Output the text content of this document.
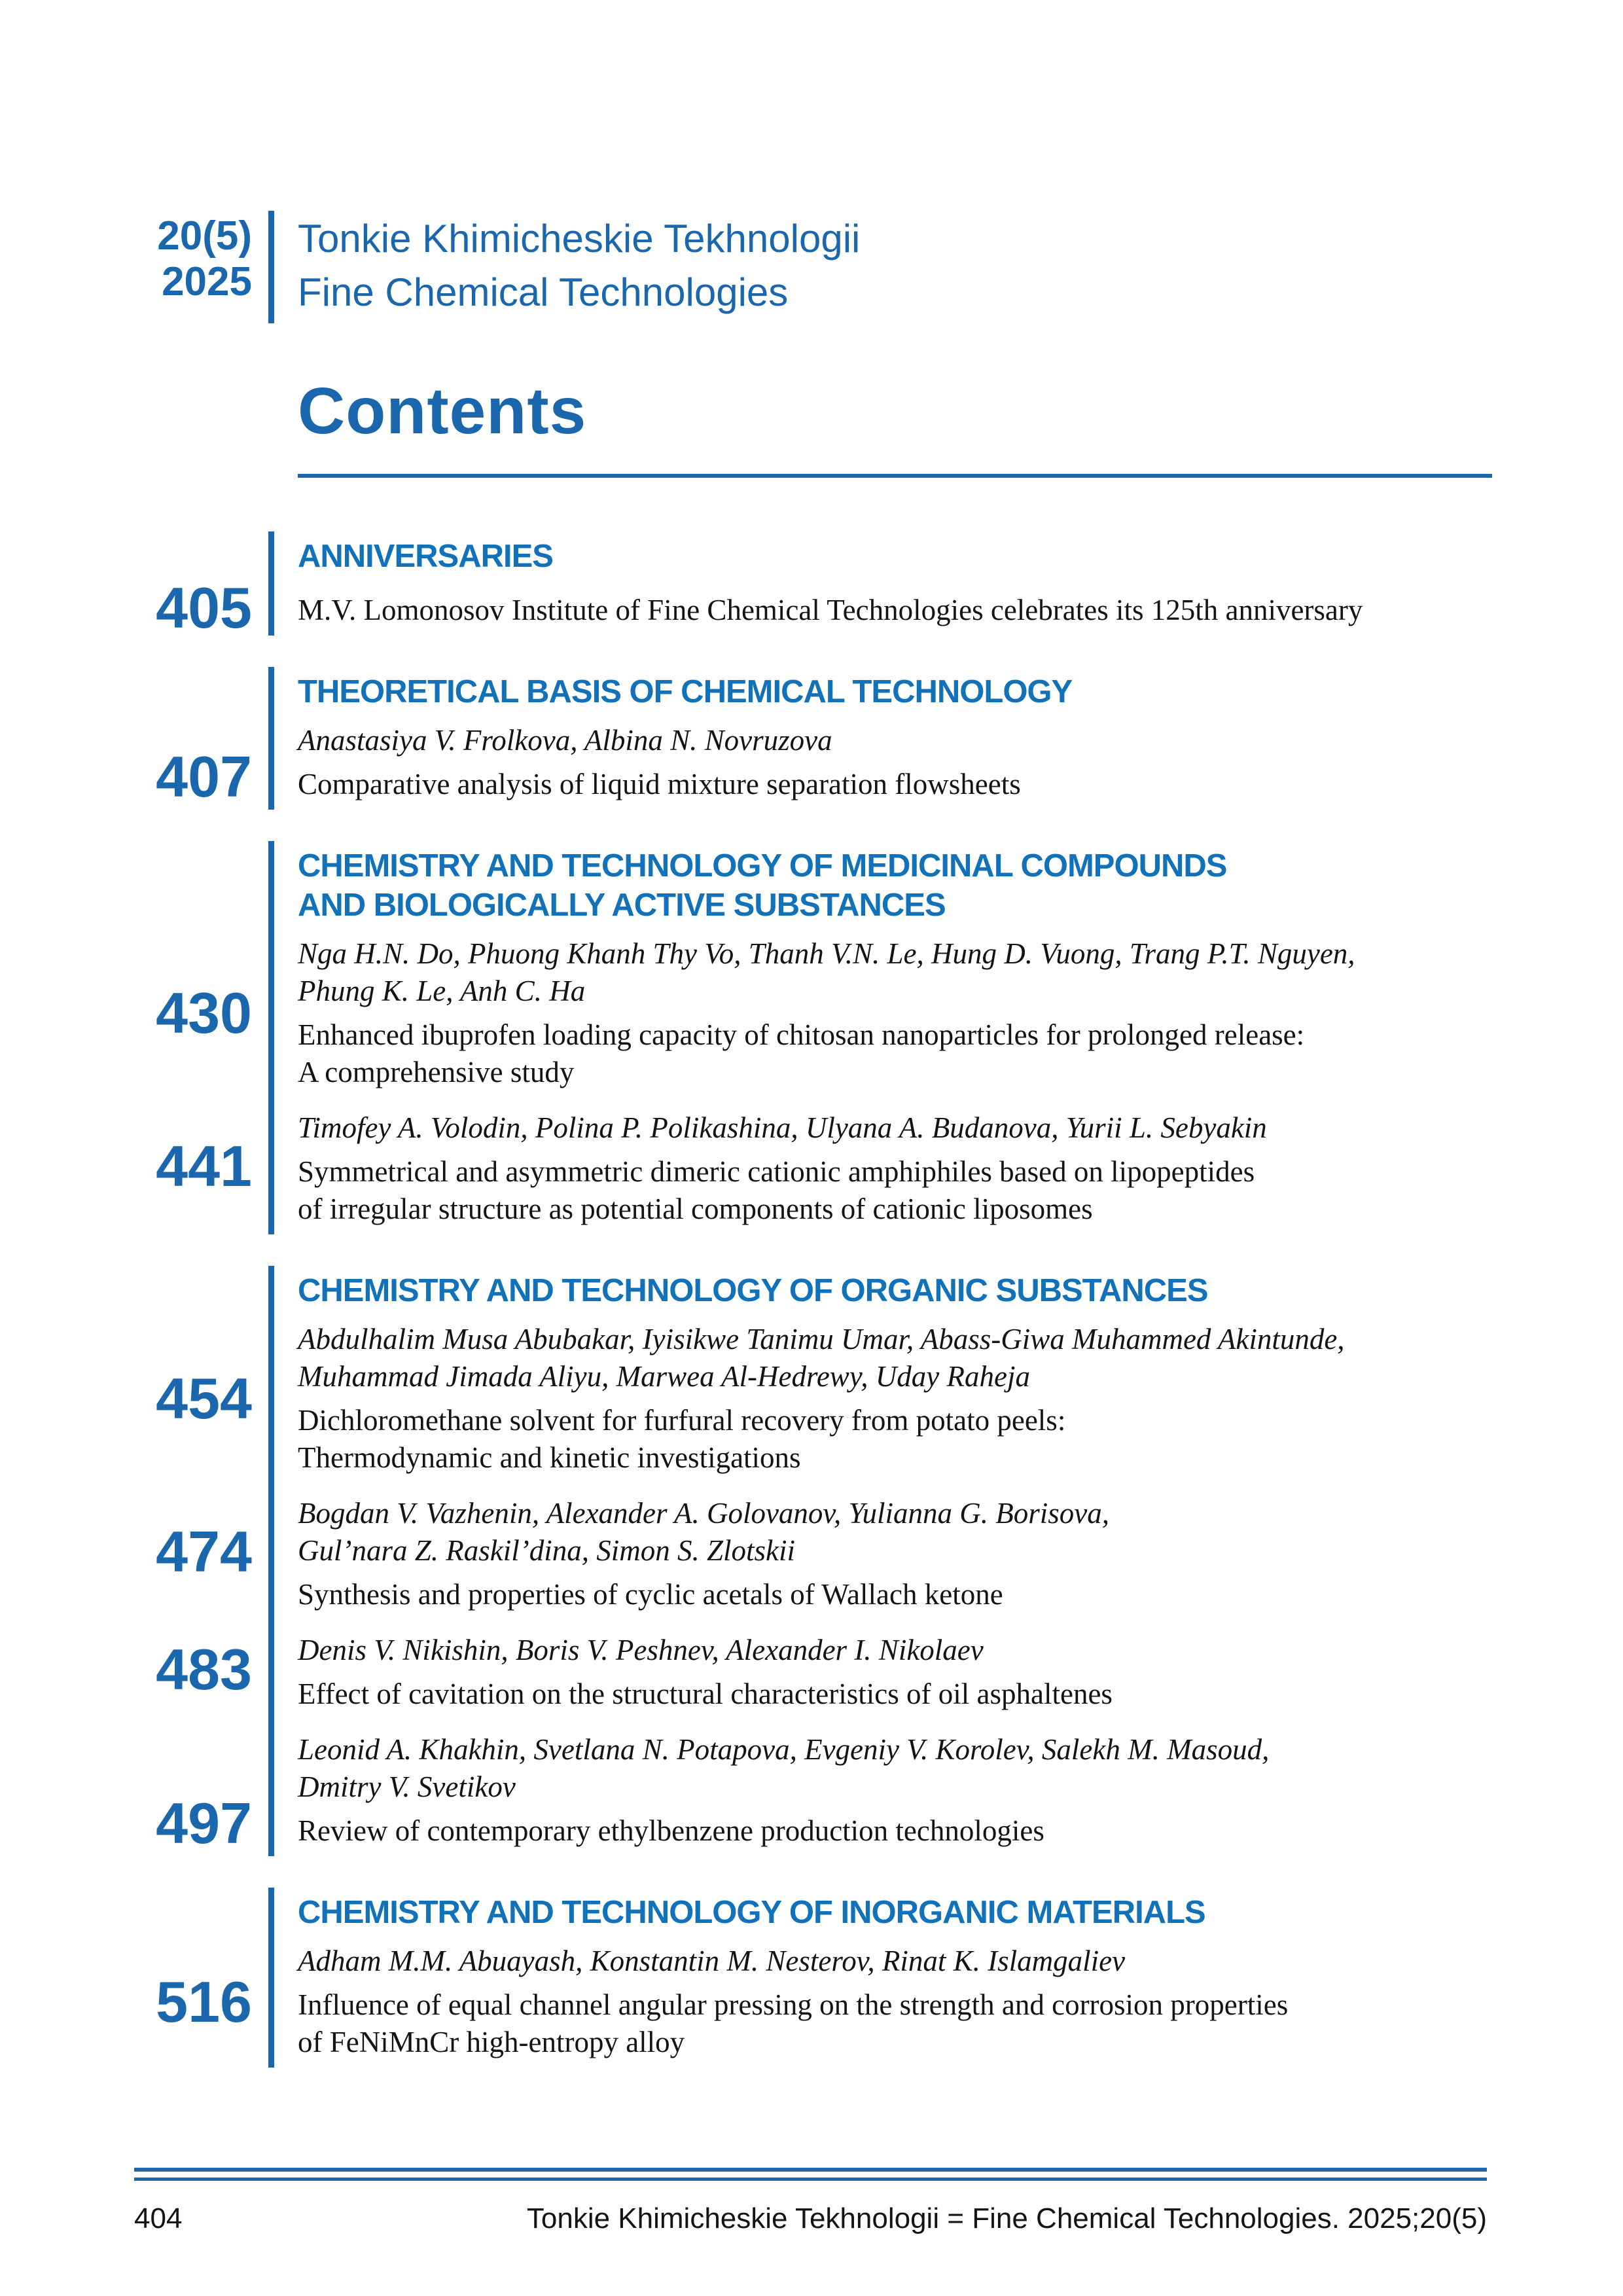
20(5)
2025
Tonkie Khimicheskie Tekhnologii
Fine Chemical Technologies
Contents
ANNIVERSARIES
405 M.V. Lomonosov Institute of Fine Chemical Technologies celebrates its 125th anniversary
THEORETICAL BASIS OF CHEMICAL TECHNOLOGY
407
Anastasiya V. Frolkova, Albina N. Novruzova
Comparative analysis of liquid mixture separation flowsheets
CHEMISTRY AND TECHNOLOGY OF MEDICINAL COMPOUNDS
AND BIOLOGICALLY ACTIVE SUBSTANCES
430
Nga H.N. Do, Phuong Khanh Thy Vo, Thanh V.N. Le, Hung D. Vuong, Trang P.T. Nguyen,
Phung K. Le, Anh C. Ha
Enhanced ibuprofen loading capacity of chitosan nanoparticles for prolonged release:
A comprehensive study
441
Timofey A. Volodin, Polina P. Polikashina, Ulyana A. Budanova, Yurii L. Sebyakin
Symmetrical and asymmetric dimeric cationic amphiphiles based on lipopeptides
of irregular structure as potential components of cationic liposomes
CHEMISTRY AND TECHNOLOGY OF ORGANIC SUBSTANCES
454
Abdulhalim Musa Abubakar, Iyisikwe Tanimu Umar, Abass-Giwa Muhammed Akintunde,
Muhammad Jimada Aliyu, Marwea Al-Hedrewy, Uday Raheja
Dichloromethane solvent for furfural recovery from potato peels:
Thermodynamic and kinetic investigations
474
Bogdan V. Vazhenin, Alexander A. Golovanov, Yulianna G. Borisova,
Gul’nara Z. Raskil’dina, Simon S. Zlotskii
Synthesis and properties of cyclic acetals of Wallach ketone
483 Denis V. Nikishin, Boris V. Peshnev, Alexander I. Nikolaev
Effect of cavitation on the structural characteristics of oil asphaltenes
497
Leonid A. Khakhin, Svetlana N. Potapova, Evgeniy V. Korolev, Salekh M. Masoud,
Dmitry V. Svetikov
Review of contemporary ethylbenzene production technologies
CHEMISTRY AND TECHNOLOGY OF INORGANIC MATERIALS
516
Adham M.M. Abuayash, Konstantin M. Nesterov, Rinat K. Islamgaliev
Influence of equal channel angular pressing on the strength and corrosion properties
of FeNiMnCr high-entropy alloy
404	Tonkie Khimicheskie Tekhnologii = Fine Chemical Technologies. 2025;20(5)
